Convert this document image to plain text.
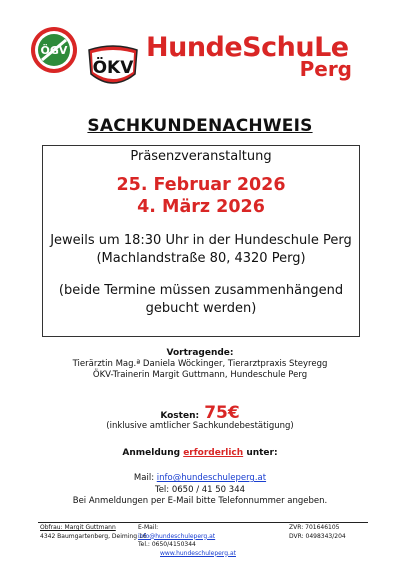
ÖGV
ÖKV
HundeSchuLe
Perg
SACHKUNDENACHWEIS
Präsenzveranstaltung
25. Februar 2026
4. März 2026
Jeweils um 18:30 Uhr in der Hundeschule Perg
(Machlandstraße 80, 4320 Perg)
(beide Termine müssen zusammenhängend
gebucht werden)
Vortragende:
Tierärztin Mag.ª Daniela Wöckinger, Tierarztpraxis Steyregg
ÖKV-Trainerin Margit Guttmann, Hundeschule Perg
Kosten: 75€
(inklusive amtlicher Sachkundebestätigung)
Anmeldung erforderlich unter:
Mail: info@hundeschuleperg.at
Tel: 0650 / 41 50 344
Bei Anmeldungen per E-Mail bitte Telefonnummer angeben.
Obfrau: Margit Guttmann
4342 Baumgartenberg, Deiming 16
E-Mail:
info@hundeschuleperg.at
Tel.: 0650/4150344
www.hundeschuleperg.at
ZVR: 701646105
DVR: 0498343/204
